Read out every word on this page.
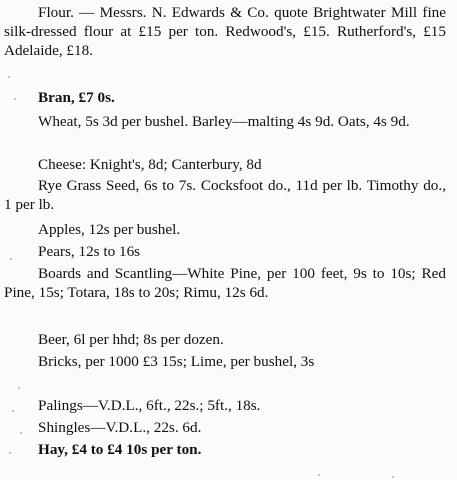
Flour. — Messrs. N. Edwards & Co. quote Brightwater Mill fine silk-dressed flour at £15 per ton. Redwood's, £15. Rutherford's, £15 Adelaide, £18.

Bran, £7 0s.

Wheat, 5s 3d per bushel. Barley—malting 4s 9d. Oats, 4s 9d.

Cheese: Knight's, 8d; Canterbury, 8d

Rye Grass Seed, 6s to 7s. Cocksfoot do., 11d per lb. Timothy do., 1 per lb.

Apples, 12s per bushel.

Pears, 12s to 16s

Boards and Scantling—White Pine, per 100 feet, 9s to 10s; Red Pine, 15s; Totara, 18s to 20s; Rimu, 12s 6d.

Beer, 6l per hhd; 8s per dozen.

Bricks, per 1000 £3 15s; Lime, per bushel, 3s

Palings—V.D.L., 6ft., 22s.; 5ft., 18s.

Shingles—V.D.L., 22s. 6d.

Hay, £4 to £4 10s per ton.
